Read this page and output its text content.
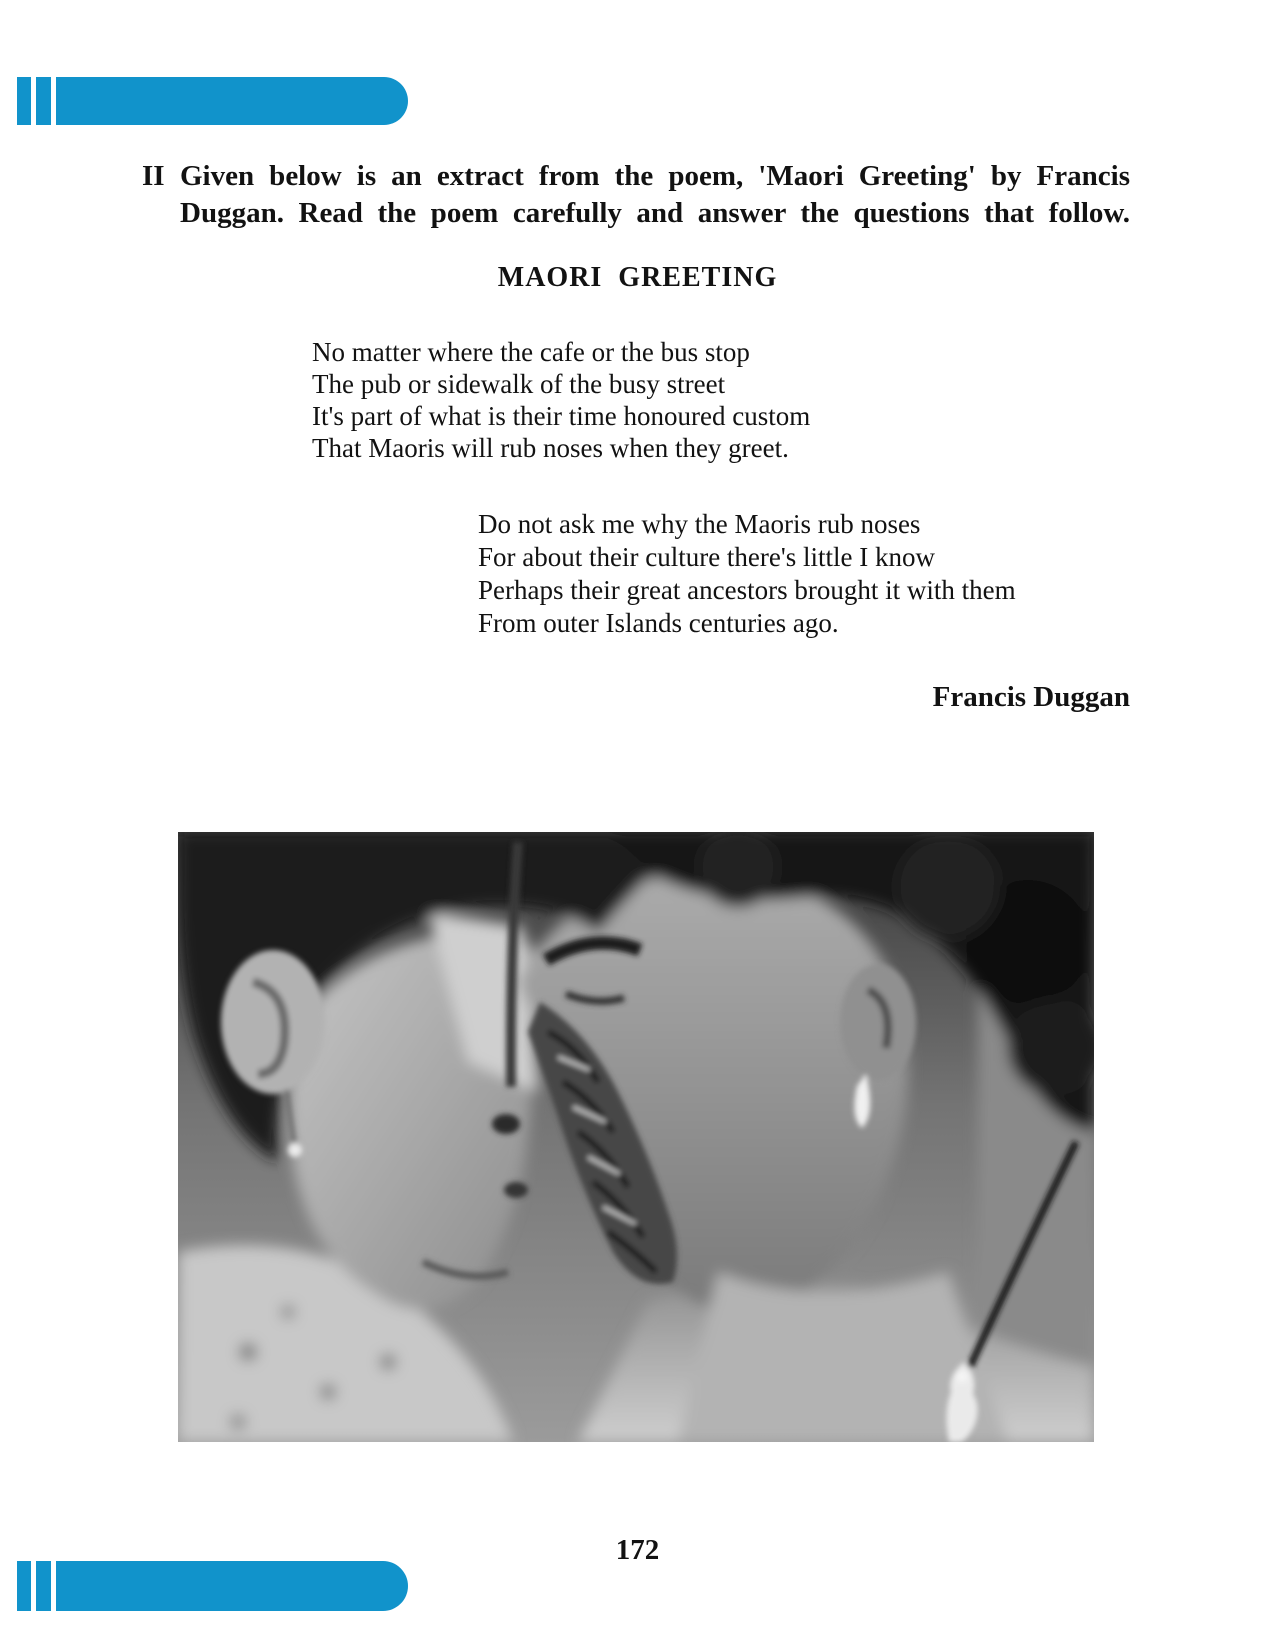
II Given below is an extract from the poem, 'Maori Greeting' by Francis
Duggan. Read the poem carefully and answer the questions that follow.
MAORI GREETING
No matter where the cafe or the bus stop
The pub or sidewalk of the busy street
It's part of what is their time honoured custom
That Maoris will rub noses when they greet.
Do not ask me why the Maoris rub noses
For about their culture there's little I know
Perhaps their great ancestors brought it with them
From outer Islands centuries ago.
Francis Duggan
172
